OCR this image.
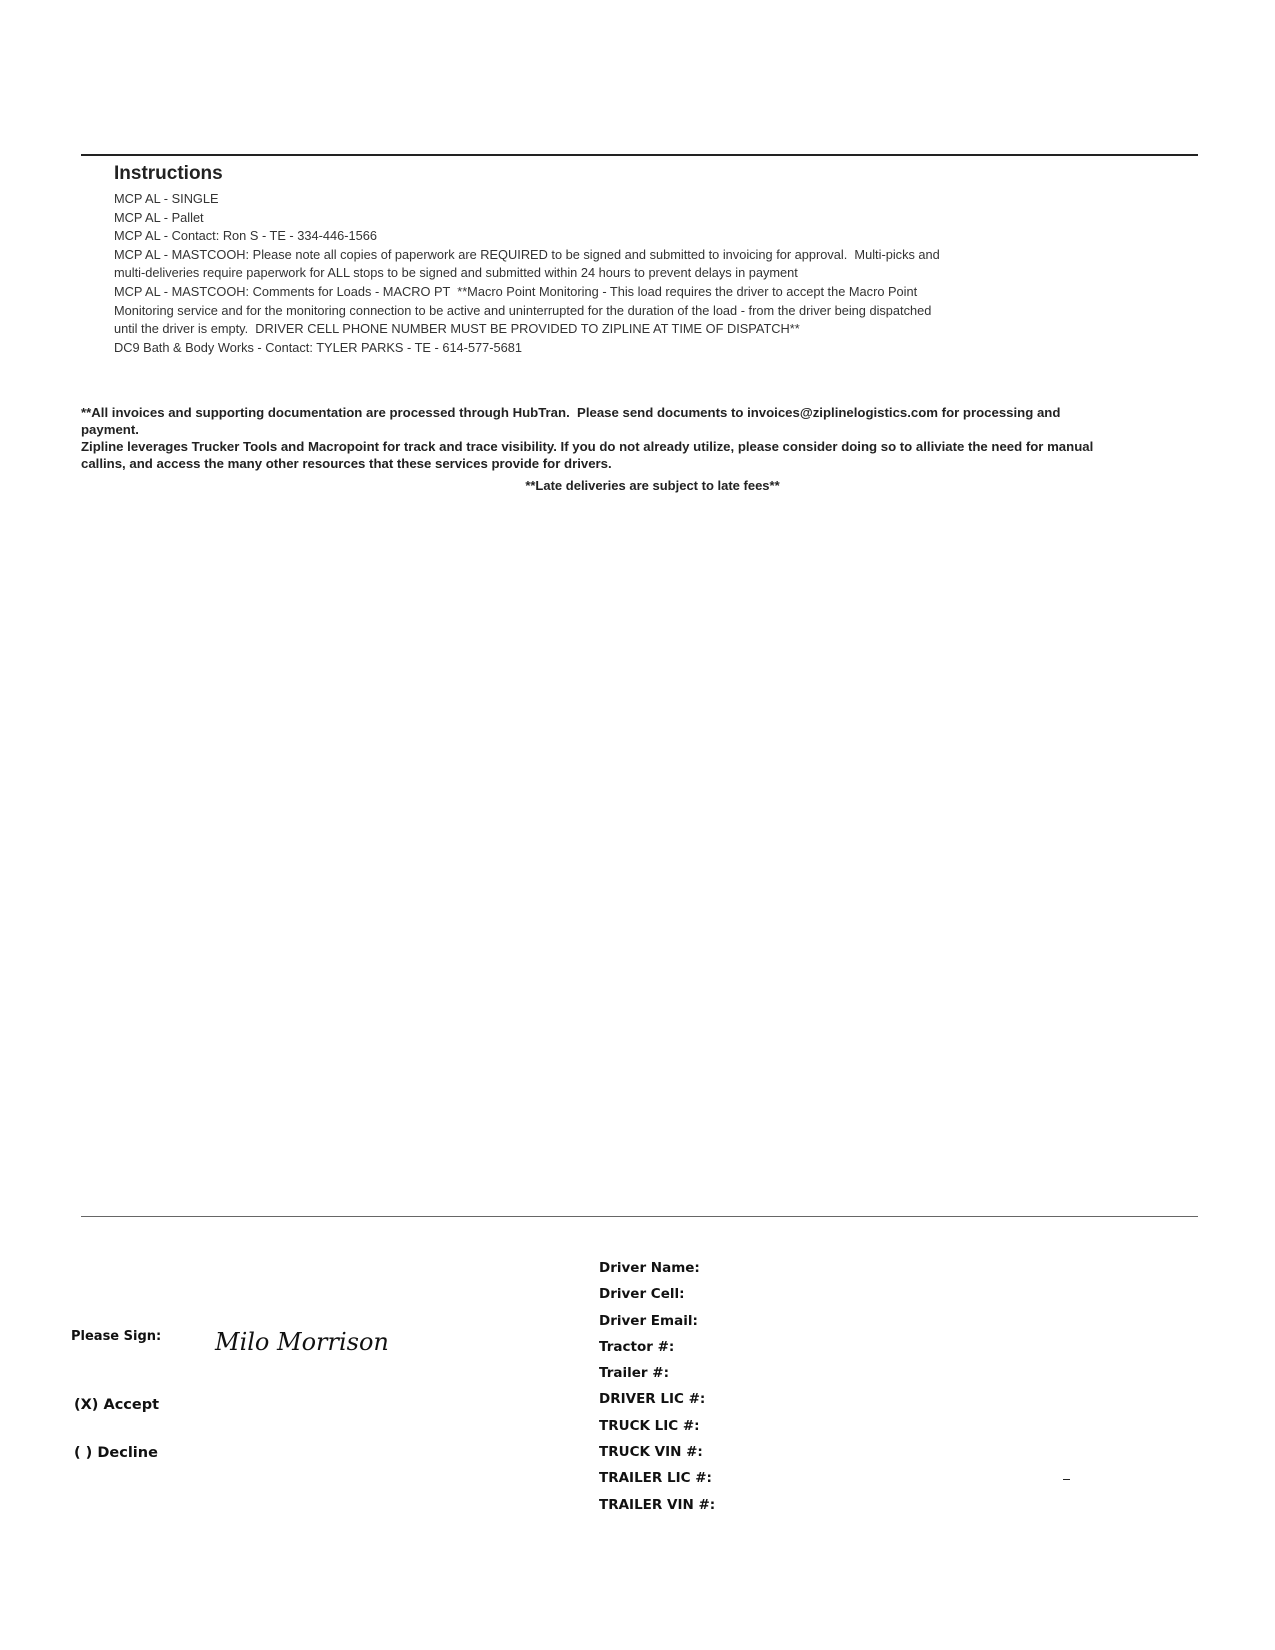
Instructions
MCP AL - SINGLE
MCP AL - Pallet
MCP AL - Contact: Ron S - TE - 334-446-1566
MCP AL - MASTCOOH: Please note all copies of paperwork are REQUIRED to be signed and submitted to invoicing for approval.  Multi-picks and
multi-deliveries require paperwork for ALL stops to be signed and submitted within 24 hours to prevent delays in payment
MCP AL - MASTCOOH: Comments for Loads - MACRO PT  **Macro Point Monitoring - This load requires the driver to accept the Macro Point
Monitoring service and for the monitoring connection to be active and uninterrupted for the duration of the load - from the driver being dispatched
until the driver is empty.  DRIVER CELL PHONE NUMBER MUST BE PROVIDED TO ZIPLINE AT TIME OF DISPATCH**
DC9 Bath & Body Works - Contact: TYLER PARKS - TE - 614-577-5681
**All invoices and supporting documentation are processed through HubTran.  Please send documents to invoices@ziplinelogistics.com for processing and payment.
Zipline leverages Trucker Tools and Macropoint for track and trace visibility. If you do not already utilize, please consider doing so to alliviate the need for manual callins, and access the many other resources that these services provide for drivers.
**Late deliveries are subject to late fees**
Please Sign: Milo Morrison
(X) Accept
( ) Decline
Driver Name:
Driver Cell:
Driver Email:
Tractor #:
Trailer #:
DRIVER LIC #:
TRUCK LIC #:
TRUCK VIN #:
TRAILER LIC #:
TRAILER VIN #:
